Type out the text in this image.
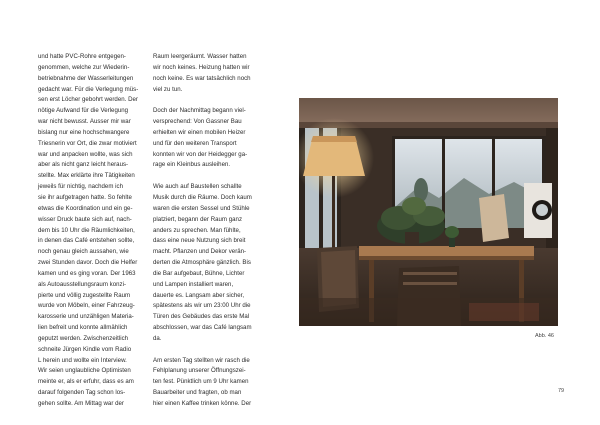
und hatte PVC-Rohre entgegen-
genommen, welche zur Wiederin-
betriebnahme der Wasserleitungen
gedacht war. Für die Verlegung müs-
sen erst Löcher gebohrt werden. Der
nötige Aufwand für die Verlegung
war nicht bewusst. Ausser mir war
bislang nur eine hochschwangere
Triesnerin vor Ort, die zwar motiviert
war und anpacken wollte, was sich
aber als nicht ganz leicht heraus-
stellte. Max erklärte ihre Tätigkeiten
jeweils für nichtig, nachdem ich
sie ihr aufgetragen hatte. So fehlte
etwas die Koordination und ein ge-
wisser Druck baute sich auf, nach-
dem bis 10 Uhr die Räumlichkeiten,
in denen das Café entstehen sollte,
noch genau gleich aussahen, wie
zwei Stunden davor. Doch die Helfer
kamen und es ging voran. Der 1963
als Autoausstellungsraum konzi-
pierte und völlig zugestellte Raum
wurde von Möbeln, einer Fahrzeug-
karosserie und unzähligen Materia-
lien befreit und konnte allmählich
geputzt werden. Zwischenzeitlich
schneite Jürgen Kindle vom Radio
L herein und wollte ein Interview.
Wir seien unglaubliche Optimisten
meinte er, als er erfuhr, dass es am
darauf folgenden Tag schon los-
gehen sollte. Am Mittag war der
Raum leergeräumt. Wasser hatten
wir noch keines. Heizung hatten wir
noch keine. Es war tatsächlich noch
viel zu tun.
Doch der Nachmittag begann viel-
versprechend: Von Gassner Bau
erhielten wir einen mobilen Heizer
und für den weiteren Transport
konnten wir von der Heidegger ga-
rage ein Kleinbus ausleihen.
Wie auch auf Baustellen schallte
Musik durch die Räume. Doch kaum
waren die ersten Sessel und Stühle
platziert, begann der Raum ganz
anders zu sprechen. Man fühlte,
dass eine neue Nutzung sich breit
macht. Pflanzen und Dekor verän-
derten die Atmosphäre gänzlich. Bis
die Bar aufgebaut, Bühne, Lichter
und Lampen installiert waren,
dauerte es. Langsam aber sicher,
spätestens als wir um 23:00 Uhr die
Türen des Gebäudes das erste Mal
abschlossen, war das Café langsam
da.
Am ersten Tag stellten wir rasch die
Fehlplanung unserer Öffnungszei-
ten fest. Pünktlich um 9 Uhr kamen
Bauarbeiter und fragten, ob man
hier einen Kaffee trinken könne. Der
Abb. 46
79
